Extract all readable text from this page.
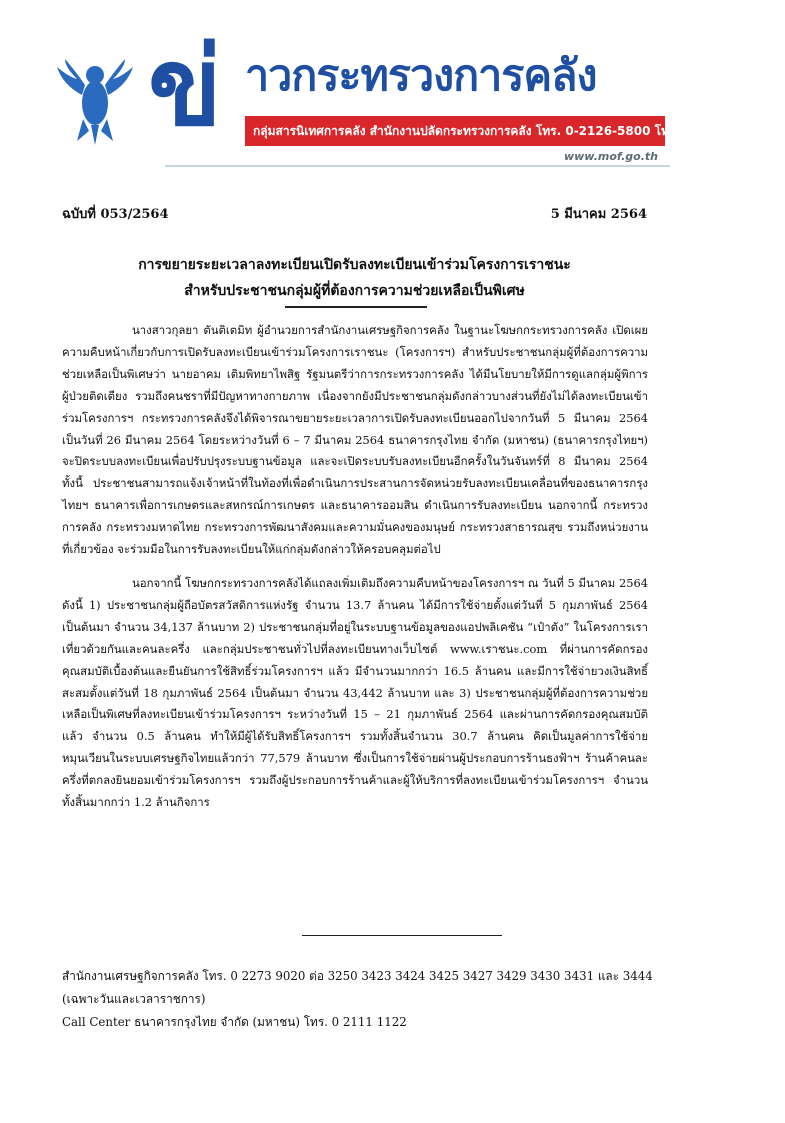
ข่ าวกระทรวงการคลัง
กลุ่มสารนิเทศการคลัง สำนักงานปลัดกระทรวงการคลัง โทร. 0-2126-5800 โทรสาร 0-2273-9763
www.mof.go.th
ฉบับที่ 053/2564	5 มีนาคม 2564
การขยายระยะเวลาลงทะเบียนเปิดรับลงทะเบียนเข้าร่วมโครงการเราชนะ
สำหรับประชาชนกลุ่มผู้ที่ต้องการความช่วยเหลือเป็นพิเศษ

นางสาวกุลยา ตันติเตมิท ผู้อำนวยการสำนักงานเศรษฐกิจการคลัง ในฐานะโฆษกกระทรวงการคลัง เปิดเผยความคืบหน้าเกี่ยวกับการเปิดรับลงทะเบียนเข้าร่วมโครงการเราชนะ (โครงการฯ) สำหรับประชาชนกลุ่มผู้ที่ต้องการความช่วยเหลือเป็นพิเศษว่า นายอาคม เติมพิทยาไพสิฐ รัฐมนตรีว่าการกระทรวงการคลัง ได้มีนโยบายให้มีการดูแลกลุ่มผู้พิการ ผู้ป่วยติดเตียง รวมถึงคนชราที่มีปัญหาทางกายภาพ เนื่องจากยังมีประชาชนกลุ่มดังกล่าวบางส่วนที่ยังไม่ได้ลงทะเบียนเข้าร่วมโครงการฯ กระทรวงการคลังจึงได้พิจารณาขยายระยะเวลาการเปิดรับลงทะเบียนออกไปจากวันที่ 5 มีนาคม 2564 เป็นวันที่ 26 มีนาคม 2564 โดยระหว่างวันที่ 6 – 7 มีนาคม 2564 ธนาคารกรุงไทย จำกัด (มหาชน) (ธนาคารกรุงไทยฯ) จะปิดระบบลงทะเบียนเพื่อปรับปรุงระบบฐานข้อมูล และจะเปิดระบบรับลงทะเบียนอีกครั้งในวันจันทร์ที่ 8 มีนาคม 2564 ทั้งนี้ ประชาชนสามารถแจ้งเจ้าหน้าที่ในท้องที่เพื่อดำเนินการประสานการจัดหน่วยรับลงทะเบียนเคลื่อนที่ของธนาคารกรุงไทยฯ ธนาคารเพื่อการเกษตรและสหกรณ์การเกษตร และธนาคารออมสิน ดำเนินการรับลงทะเบียน นอกจากนี้ กระทรวงการคลัง กระทรวงมหาดไทย กระทรวงการพัฒนาสังคมและความมั่นคงของมนุษย์ กระทรวงสาธารณสุข รวมถึงหน่วยงานที่เกี่ยวข้อง จะร่วมมือในการรับลงทะเบียนให้แก่กลุ่มดังกล่าวให้ครอบคลุมต่อไป

นอกจากนี้ โฆษกกระทรวงการคลังได้แถลงเพิ่มเติมถึงความคืบหน้าของโครงการฯ ณ วันที่ 5 มีนาคม 2564 ดังนี้ 1) ประชาชนกลุ่มผู้ถือบัตรสวัสดิการแห่งรัฐ จำนวน 13.7 ล้านคน ได้มีการใช้จ่ายตั้งแต่วันที่ 5 กุมภาพันธ์ 2564 เป็นต้นมา จำนวน 34,137 ล้านบาท 2) ประชาชนกลุ่มที่อยู่ในระบบฐานข้อมูลของแอปพลิเคชัน “เป๋าตัง” ในโครงการเราเที่ยวด้วยกันและคนละครึ่ง และกลุ่มประชาชนทั่วไปที่ลงทะเบียนทางเว็บไซต์ www.เราชนะ.com ที่ผ่านการคัดกรองคุณสมบัติเบื้องต้นและยืนยันการใช้สิทธิ์ร่วมโครงการฯ แล้ว มีจำนวนมากกว่า 16.5 ล้านคน และมีการใช้จ่ายวงเงินสิทธิ์สะสมตั้งแต่วันที่ 18 กุมภาพันธ์ 2564 เป็นต้นมา จำนวน 43,442 ล้านบาท และ 3) ประชาชนกลุ่มผู้ที่ต้องการความช่วยเหลือเป็นพิเศษที่ลงทะเบียนเข้าร่วมโครงการฯ ระหว่างวันที่ 15 – 21 กุมภาพันธ์ 2564 และผ่านการคัดกรองคุณสมบัติแล้ว จำนวน 0.5 ล้านคน ทำให้มีผู้ได้รับสิทธิ์โครงการฯ รวมทั้งสิ้นจำนวน 30.7 ล้านคน คิดเป็นมูลค่าการใช้จ่ายหมุนเวียนในระบบเศรษฐกิจไทยแล้วกว่า 77,579 ล้านบาท ซึ่งเป็นการใช้จ่ายผ่านผู้ประกอบการร้านธงฟ้าฯ ร้านค้าคนละครึ่งที่ตกลงยินยอมเข้าร่วมโครงการฯ รวมถึงผู้ประกอบการร้านค้าและผู้ให้บริการที่ลงทะเบียนเข้าร่วมโครงการฯ จำนวนทั้งสิ้นมากกว่า 1.2 ล้านกิจการ

สำนักงานเศรษฐกิจการคลัง โทร. 0 2273 9020 ต่อ 3250 3423 3424 3425 3427 3429 3430 3431 และ 3444
(เฉพาะวันและเวลาราชการ)
Call Center ธนาคารกรุงไทย จำกัด (มหาชน) โทร. 0 2111 1122
